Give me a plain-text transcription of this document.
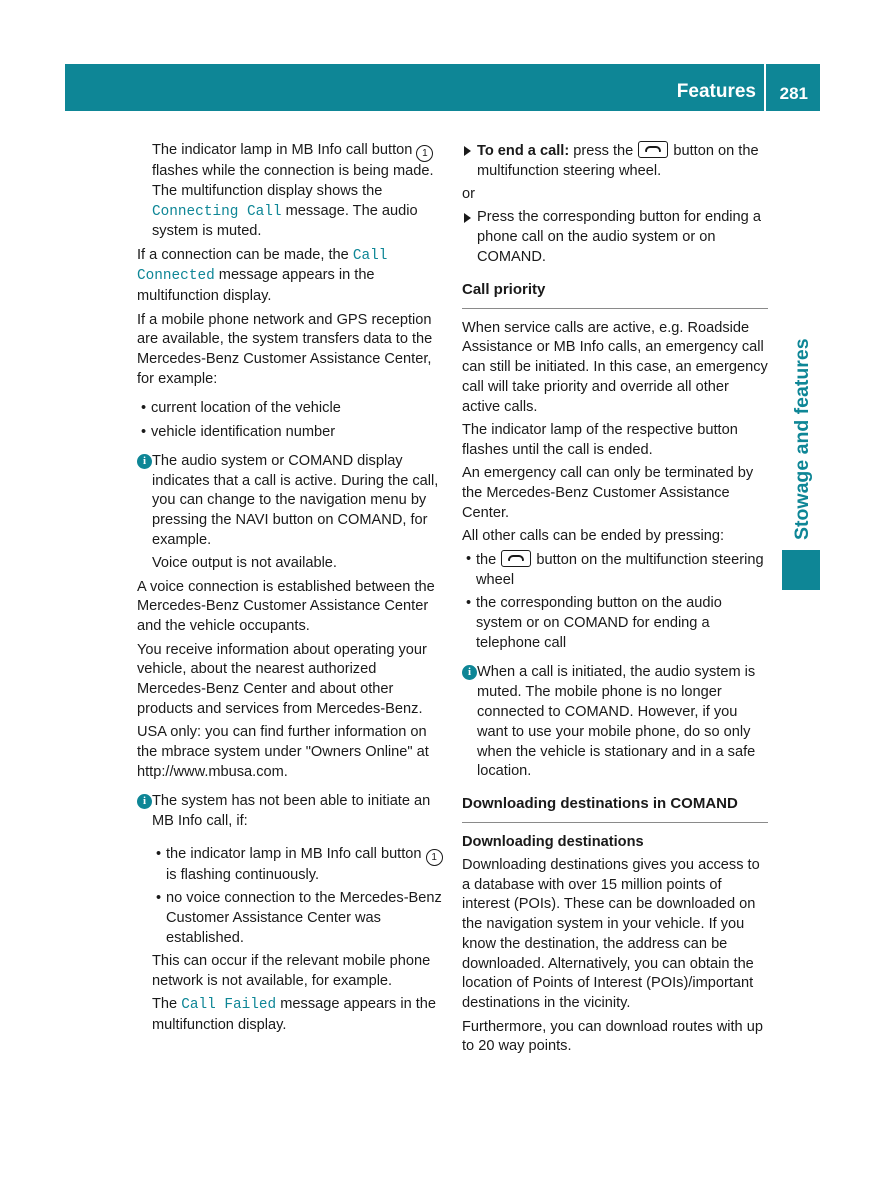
Features 281
Stowage and features

The indicator lamp in MB Info call button 1 flashes while the connection is being made. The multifunction display shows the Connecting Call message. The audio system is muted.

If a connection can be made, the Call Connected message appears in the multifunction display.

If a mobile phone network and GPS reception are available, the system transfers data to the Mercedes-Benz Customer Assistance Center, for example:

• current location of the vehicle
• vehicle identification number
i The audio system or COMAND display indicates that a call is active. During the call, you can change to the navigation menu by pressing the NAVI button on COMAND, for example.

Voice output is not available.

A voice connection is established between the Mercedes-Benz Customer Assistance Center and the vehicle occupants.

You receive information about operating your vehicle, about the nearest authorized Mercedes-Benz Center and about other products and services from Mercedes-Benz.

USA only: you can find further information on the mbrace system under "Owners Online" at http://www.mbusa.com.

i The system has not been able to initiate an MB Info call, if:

• the indicator lamp in MB Info call button 1 is flashing continuously.
• no voice connection to the Mercedes-Benz Customer Assistance Center was established.

This can occur if the relevant mobile phone network is not available, for example.

The Call Failed message appears in the multifunction display.

To end a call: press the  button on the multifunction steering wheel.

or

Press the corresponding button for ending a phone call on the audio system or on COMAND.
Call priority

When service calls are active, e.g. Roadside Assistance or MB Info calls, an emergency call can still be initiated. In this case, an emergency call will take priority and override all other active calls.

The indicator lamp of the respective button flashes until the call is ended.

An emergency call can only be terminated by the Mercedes-Benz Customer Assistance Center.

All other calls can be ended by pressing:

• the  button on the multifunction steering wheel
• the corresponding button on the audio system or on COMAND for ending a telephone call
i When a call is initiated, the audio system is muted. The mobile phone is no longer connected to COMAND. However, if you want to use your mobile phone, do so only when the vehicle is stationary and in a safe location.

Downloading destinations in COMAND
Downloading destinations

Downloading destinations gives you access to a database with over 15 million points of interest (POIs). These can be downloaded on the navigation system in your vehicle. If you know the destination, the address can be downloaded. Alternatively, you can obtain the location of Points of Interest (POIs)/important destinations in the vicinity.

Furthermore, you can download routes with up to 20 way points.
